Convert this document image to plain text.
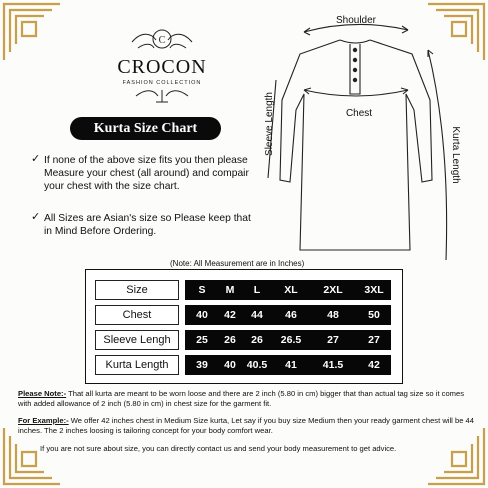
C
CROCON
FASHION COLLECTION
Kurta Size Chart
✓ If none of the above size fits you then please Measure your chest (all around) and compair your chest with the size chart.
✓ All Sizes are Asian's size so Please keep that in Mind Before Ordering.
Shoulder
Chest
Sleeve Length	Kurta Length
(Note: All Measurement are in Inches)
Size	S	M	L	XL	2XL	3XL
Chest	40	42	44	46	48	50
Sleeve Lengh	25	26	26	26.5	27	27
Kurta Length	39	40	40.5	41	41.5	42
Please Note:- That all kurta are meant to be worn loose and there are 2 inch (5.80 in cm) bigger that than actual tag size so it comes with added allowance of 2 inch (5.80 in cm) in chest size for the garment fit.
For Example:- We offer 42 inches chest in Medium Size kurta, Let say if you buy size Medium then your ready garment chest will be 44 inches. The 2 inches loosing is tailoring concept for your body comfort wear.
If you are not sure about size, you can directly contact us and send your body measurement to get advice.
